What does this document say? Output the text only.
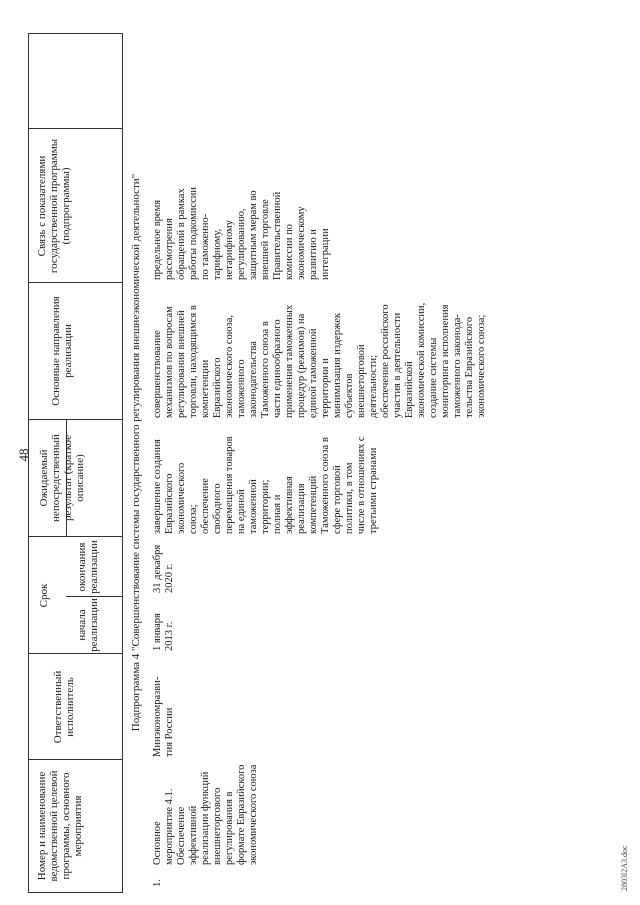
48
Номер и наименование ведомственной целевой программы, основного мероприятия
Ответственный исполнитель
Срок
начала реализации
окончания реализации
Ожидаемый непосредственный результат (краткое описание)
Основные направления реализации
Связь с показателями государственной программы (подпрограммы)	Подпрограмма 4 "Совершенствование системы государственного регулирования внешнеэкономической деятельности"
1.
Основное
мероприятие 4.1.
Обеспечение
эффективной
реализации функций
внешнеторгового
регулирования в
формате Евразийского
экономического союза
Минэкономразви-
тия России
1 января
2013 г.
31 декабря
2020 г.
завершение создания
Евразийского
экономического
союза;
обеспечение
свободного
перемещения товаров
на единой
таможенной
территории;
полная и
эффективная
реализация
компетенций
Таможенного союза в
сфере торговой
политики, в том
числе в отношениях с
третьими странами
совершенствование
механизмов по вопросам
регулирования внешней
торговли, находящимся в
компетенции
Евразийского
экономического союза,
таможенного
законодательства
Таможенного союза в
части единообразного
применения таможенных
процедур (режимов) на
единой таможенной
территории и
минимизация издержек
субъектов
внешнеторговой
деятельности;
обеспечение российского
участия в деятельности
Евразийской
экономической комиссии,
создание системы
мониторинга исполнения
таможенного законода-
тельства Евразийского
экономического союза;
предельное время
рассмотрения
обращений в рамках
работы подкомиссии
по таможенно-
тарифному,
нетарифному
регулированию,
защитным мерам во
внешней торговле
Правительственной
комиссии по
экономическому
развитию и
интеграции
2803l2A3.doc
